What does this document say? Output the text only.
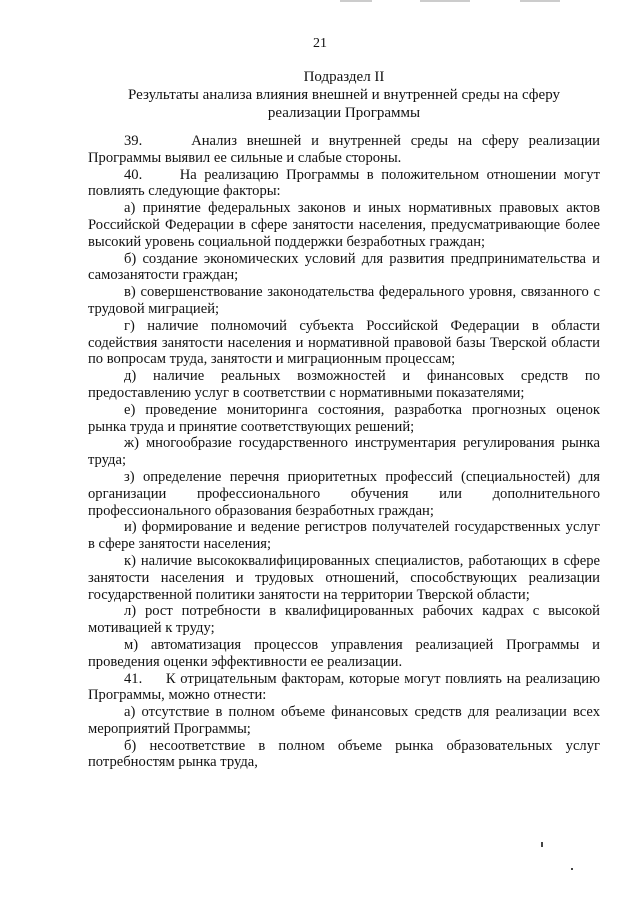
21
Подраздел II
Результаты анализа влияния внешней и внутренней среды на сферу
реализации Программы

39.     Анализ внешней и внутренней среды на сферу реализации Программы выявил ее сильные и слабые стороны.

40.     На реализацию Программы в положительном отношении могут повлиять следующие факторы:

а) принятие федеральных законов и иных нормативных правовых актов Российской Федерации в сфере занятости населения, предусматривающие более высокий уровень социальной поддержки безработных граждан;

б) создание экономических условий для развития предпринимательства и самозанятости граждан;

в) совершенствование законодательства федерального уровня, связанного с трудовой миграцией;

г) наличие полномочий субъекта Российской Федерации в области содействия занятости населения и нормативной правовой базы Тверской области по вопросам труда, занятости и миграционным процессам;

д) наличие реальных возможностей и финансовых средств по предоставлению услуг в соответствии с нормативными показателями;

е) проведение мониторинга состояния, разработка прогнозных оценок рынка труда и принятие соответствующих решений;

ж) многообразие государственного инструментария регулирования рынка труда;

з) определение перечня приоритетных профессий (специальностей) для организации профессионального обучения или дополнительного профессионального образования безработных граждан;

и) формирование и ведение регистров получателей государственных услуг в сфере занятости населения;

к) наличие высококвалифицированных специалистов, работающих в сфере занятости населения и трудовых отношений, способствующих реализации государственной политики занятости на территории Тверской области;

л) рост потребности в квалифицированных рабочих кадрах с высокой мотивацией к труду;

м) автоматизация процессов управления реализацией Программы и проведения оценки эффективности ее реализации.

41.     К отрицательным факторам, которые могут повлиять на реализацию Программы, можно отнести:

а) отсутствие в полном объеме финансовых средств для реализации всех мероприятий Программы;

б) несоответствие в полном объеме рынка образовательных услуг потребностям рынка труда,
